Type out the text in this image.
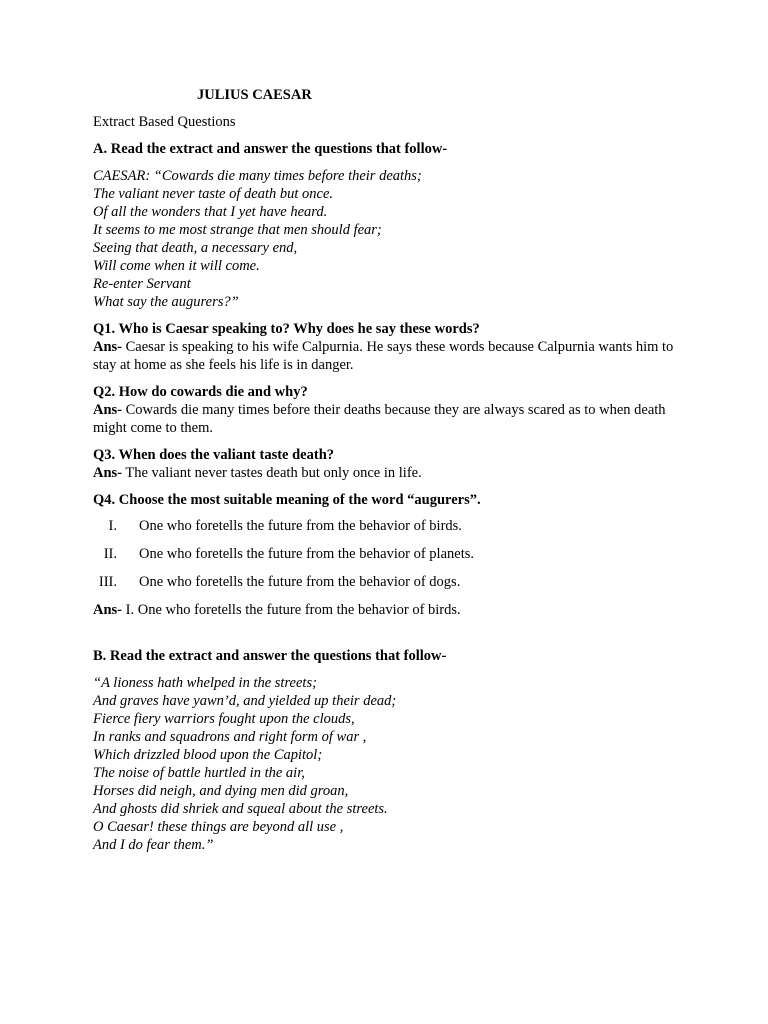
JULIUS CAESAR

Extract Based Questions

A. Read the extract and answer the questions that follow-

CAESAR: “Cowards die many times before their deaths;
The valiant never taste of death but once.
Of all the wonders that I yet have heard.
It seems to me most strange that men should fear;
Seeing that death, a necessary end,
Will come when it will come.
Re-enter Servant
What say the augurers?”
Q1. Who is Caesar speaking to? Why does he say these words?
Ans- Caesar is speaking to his wife Calpurnia. He says these words because Calpurnia wants him to stay at home as she feels his life is in danger.
Q2. How do cowards die and why?
Ans- Cowards die many times before their deaths because they are always scared as to when death might come to them.
Q3. When does the valiant taste death?
Ans- The valiant never tastes death but only once in life.
Q4. Choose the most suitable meaning of the word “augurers”.
I. One who foretells the future from the behavior of birds.
II. One who foretells the future from the behavior of planets.
III. One who foretells the future from the behavior of dogs.

Ans- I. One who foretells the future from the behavior of birds.

B. Read the extract and answer the questions that follow-

“A lioness hath whelped in the streets;
And graves have yawn’d, and yielded up their dead;
Fierce fiery warriors fought upon the clouds,
In ranks and squadrons and right form of war ,
Which drizzled blood upon the Capitol;
The noise of battle hurtled in the air,
Horses did neigh, and dying men did groan,
And ghosts did shriek and squeal about the streets.
O Caesar! these things are beyond all use ,
And I do fear them.”
